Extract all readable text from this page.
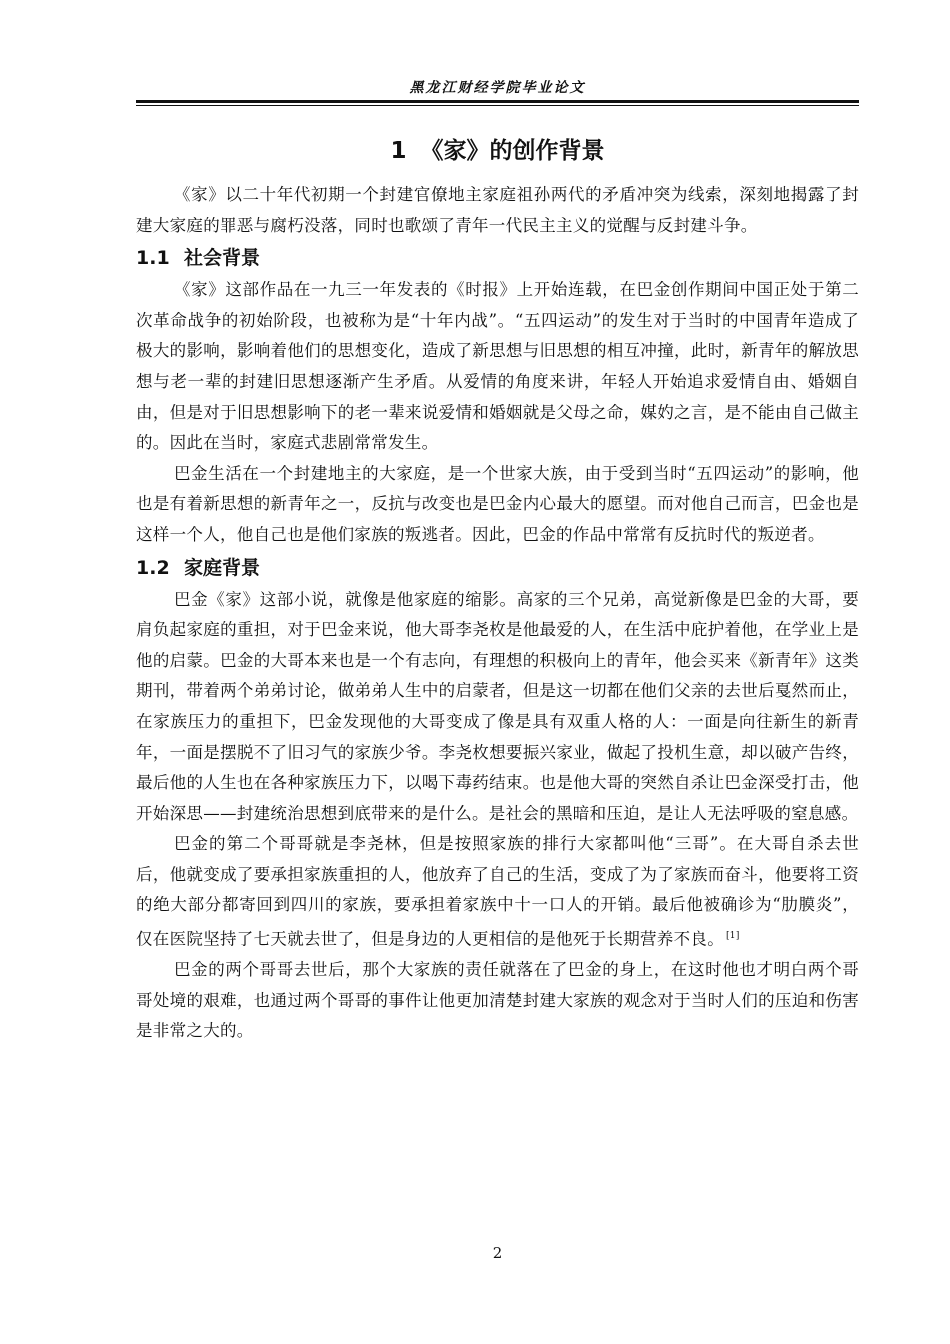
黑龙江财经学院毕业论文
1 《家》的创作背景

《家》以二十年代初期一个封建官僚地主家庭祖孙两代的矛盾冲突为线索，深刻地揭露了封建大家庭的罪恶与腐朽没落，同时也歌颂了青年一代民主主义的觉醒与反封建斗争。

1.1 社会背景

《家》这部作品在一九三一年发表的《时报》上开始连载，在巴金创作期间中国正处于第二次革命战争的初始阶段，也被称为是“十年内战”。“五四运动”的发生对于当时的中国青年造成了极大的影响，影响着他们的思想变化，造成了新思想与旧思想的相互冲撞，此时，新青年的解放思想与老一辈的封建旧思想逐渐产生矛盾。从爱情的角度来讲，年轻人开始追求爱情自由、婚姻自由，但是对于旧思想影响下的老一辈来说爱情和婚姻就是父母之命，媒妁之言，是不能由自己做主的。因此在当时，家庭式悲剧常常发生。

巴金生活在一个封建地主的大家庭，是一个世家大族，由于受到当时“五四运动”的影响，他也是有着新思想的新青年之一，反抗与改变也是巴金内心最大的愿望。而对他自己而言，巴金也是这样一个人，他自己也是他们家族的叛逃者。因此，巴金的作品中常常有反抗时代的叛逆者。

1.2 家庭背景

巴金《家》这部小说，就像是他家庭的缩影。高家的三个兄弟，高觉新像是巴金的大哥，要肩负起家庭的重担，对于巴金来说，他大哥李尧枚是他最爱的人，在生活中庇护着他，在学业上是他的启蒙。巴金的大哥本来也是一个有志向，有理想的积极向上的青年，他会买来《新青年》这类期刊，带着两个弟弟讨论，做弟弟人生中的启蒙者，但是这一切都在他们父亲的去世后戛然而止，在家族压力的重担下，巴金发现他的大哥变成了像是具有双重人格的人：一面是向往新生的新青年，一面是摆脱不了旧习气的家族少爷。李尧枚想要振兴家业，做起了投机生意，却以破产告终，最后他的人生也在各种家族压力下，以喝下毒药结束。也是他大哥的突然自杀让巴金深受打击，他开始深思——封建统治思想到底带来的是什么。是社会的黑暗和压迫，是让人无法呼吸的窒息感。

巴金的第二个哥哥就是李尧林，但是按照家族的排行大家都叫他“三哥”。在大哥自杀去世后，他就变成了要承担家族重担的人，他放弃了自己的生活，变成了为了家族而奋斗，他要将工资的绝大部分都寄回到四川的家族，要承担着家族中十一口人的开销。最后他被确诊为“肋膜炎”，仅在医院坚持了七天就去世了，但是身边的人更相信的是他死于长期营养不良。 [1]

巴金的两个哥哥去世后，那个大家族的责任就落在了巴金的身上，在这时他也才明白两个哥哥处境的艰难，也通过两个哥哥的事件让他更加清楚封建大家族的观念对于当时人们的压迫和伤害是非常之大的。

2
